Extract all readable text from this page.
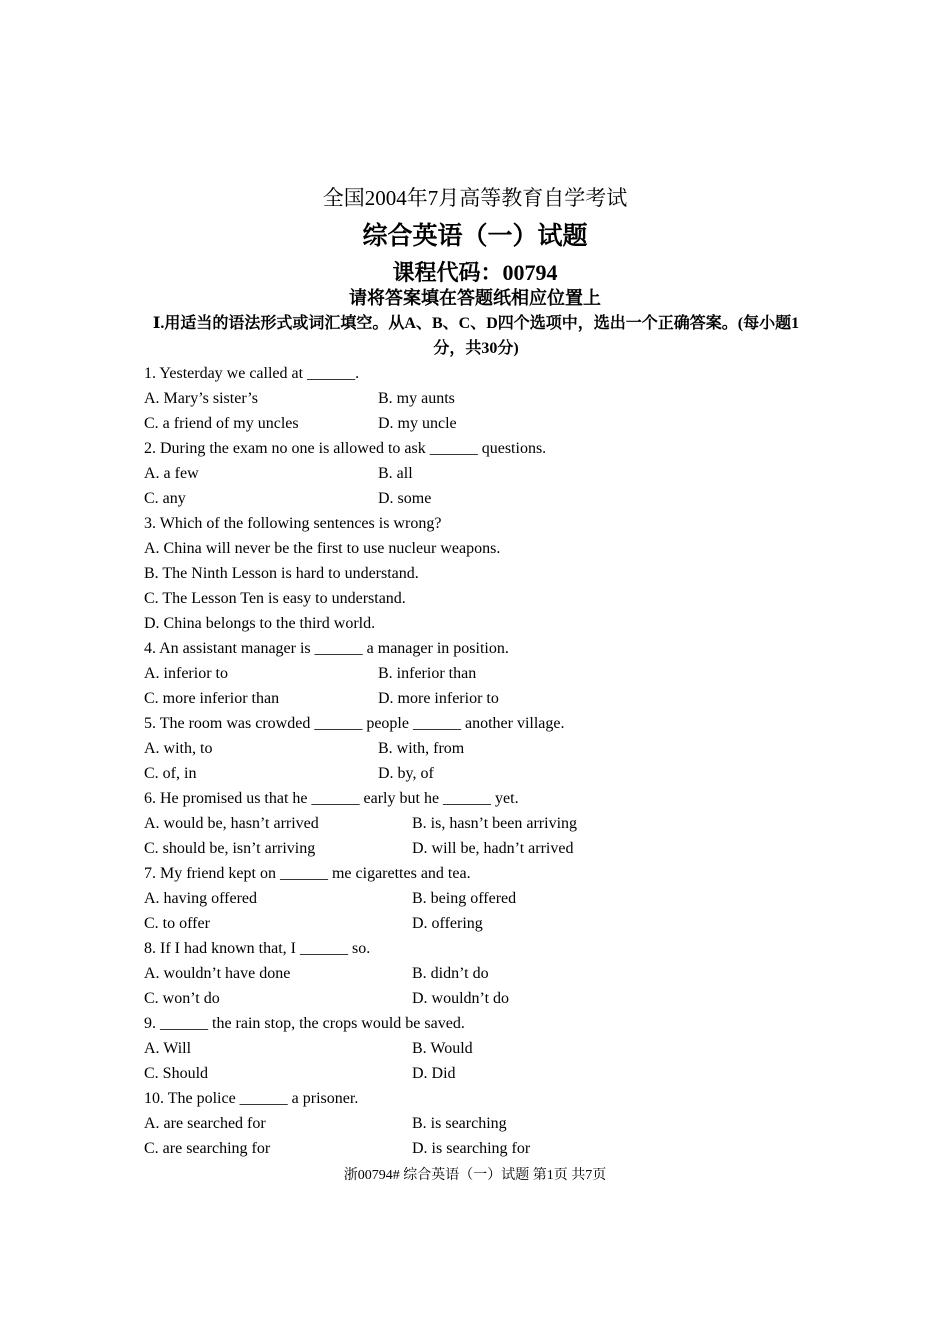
全国2004年7月高等教育自学考试
综合英语（一）试题
课程代码：00794
请将答案填在答题纸相应位置上
Ⅰ.用适当的语法形式或词汇填空。从A、B、C、D四个选项中，选出一个正确答案。(每小题1分，共30分)
1. Yesterday we called at ______.
A. Mary’s sister’s	B. my aunts
C. a friend of my uncles	D. my uncle
2. During the exam no one is allowed to ask ______ questions.
A. a few	B. all
C. any	D. some
3. Which of the following sentences is wrong?
A. China will never be the first to use nucleur weapons.
B. The Ninth Lesson is hard to understand.
C. The Lesson Ten is easy to understand.
D. China belongs to the third world.
4. An assistant manager is ______ a manager in position.
A. inferior to	B. inferior than
C. more inferior than	D. more inferior to
5. The room was crowded ______ people ______ another village.
A. with, to	B. with, from
C. of, in	D. by, of
6. He promised us that he ______ early but he ______ yet.
A. would be, hasn’t arrived	B. is, hasn’t been arriving
C. should be, isn’t arriving	D. will be, hadn’t arrived
7. My friend kept on ______ me cigarettes and tea.
A. having offered	B. being offered
C. to offer	D. offering
8. If I had known that, I ______ so.
A. wouldn’t have done	B. didn’t do
C. won’t do	D. wouldn’t do
9. ______ the rain stop, the crops would be saved.
A. Will	B. Would
C. Should	D. Did
10. The police ______ a prisoner.
A. are searched for	B. is searching
C. are searching for	D. is searching for
浙00794# 综合英语（一）试题 第1页 共7页
